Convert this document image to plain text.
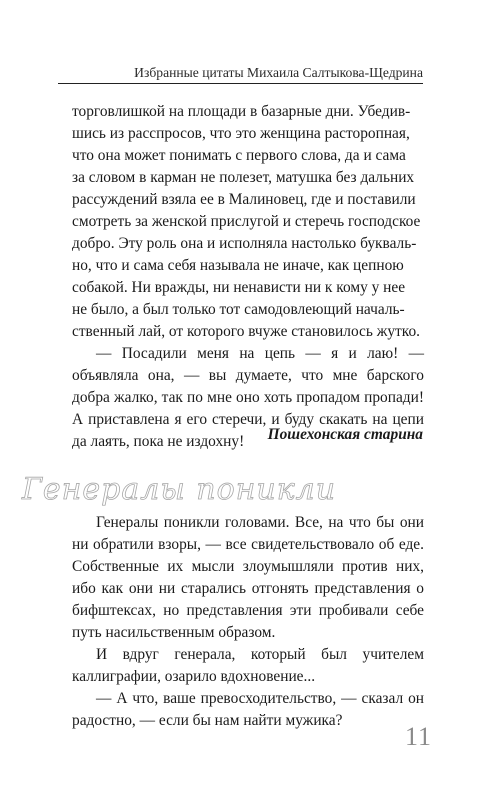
Избранные цитаты Михаила Салтыкова-Щедрина
торговлишкой на площади в базарные дни. Убедив-
шись из расспросов, что это женщина расторопная,
что она может понимать с первого слова, да и сама
за словом в карман не полезет, матушка без дальних
рассуждений взяла ее в Малиновец, где и поставили
смотреть за женской прислугой и стеречь господское
добро. Эту роль она и исполняла настолько букваль-
но, что и сама себя называла не иначе, как цепною
собакой. Ни вражды, ни ненависти ни к кому у нее
не было, а был только тот самодовлеющий началь-
ственный лай, от которого вчуже становилось жутко.

— Посадили меня на цепь — я и лаю! — объявляла она, — вы думаете, что мне барского добра жалко, так по мне оно хоть пропадом пропади! А приставлена я его стеречи, и буду скакать на цепи да лаять, пока не издохну!	Пошехонская старина
Генералы поникли

Генералы поникли головами. Все, на что бы они ни обратили взоры, — все свидетельствовало об еде. Собственные их мысли злоумышляли против них, ибо как они ни старались отгонять представления о бифштексах, но представления эти пробивали себе путь насильственным образом.

И вдруг генерала, который был учителем каллиграфии, озарило вдохновение...

— А что, ваше превосходительство, — сказал он радостно, — если бы нам найти мужика?

11
